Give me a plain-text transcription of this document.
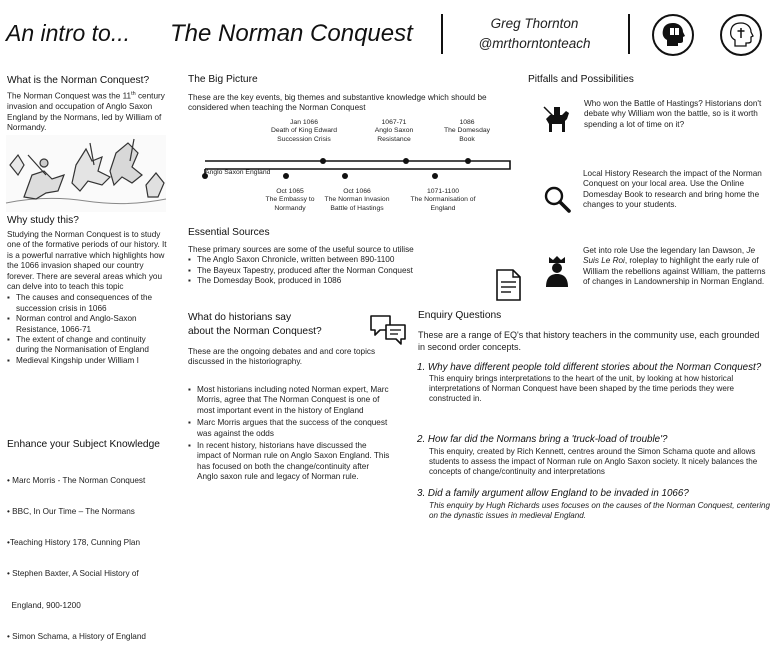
An intro to... The Norman Conquest	Greg Thornton
@mrthorntonteach
What is the Norman Conquest?
The Norman Conquest was the 11th century invasion and occupation of Anglo Saxon England by the Normans, led by William of Normandy.
Why study this?
Studying the Norman Conquest is to study one of the formative periods of our history. It is a powerful narrative which highlights how the 1066 invasion shaped our country forever. There are several areas which you can delve into to teach this topic
▪ The causes and consequences of the succession crisis in 1066
▪ Norman control and Anglo-Saxon Resistance, 1066-71
▪ The extent of change and continuity during the Normanisation of England
▪ Medieval Kingship under William I
Enhance your Subject Knowledge

• Marc Morris - The Norman Conquest

• BBC, In Our Time – The Normans

•Teaching History 178, Cunning Plan

• Stephen Baxter, A Social History of

England, 900-1200

• Simon Schama, a History of England

The Big Picture
These are the key events, big themes and substantive knowledge which should be considered when teaching the Norman Conquest
Jan 1066
Death of King Edward Succession Crisis
1067-71
Anglo Saxon Resistance
1086
The Domesday Book
Anglo Saxon England
Oct 1065
The Embassy to Normandy
Oct 1066
The Norman Invasion Battle of Hastings
1071-1100
The Normanisation of England
Essential Sources
These primary sources are some of the useful source to utilise
▪ The Anglo Saxon Chronicle, written between 890-1100
▪ The Bayeux Tapestry, produced after the Norman Conquest
▪ The Domesday Book, produced in 1086
What do historians say
about the Norman Conquest?
These are the ongoing debates and and core topics discussed in the historiography.
▪ Most historians including noted Norman expert, Marc Morris, agree that The Norman Conquest is one of most important event in the history of England
▪ Marc Morris argues that the success of the conquest was against the odds
▪ In recent history, historians have discussed the impact of Norman rule on Anglo Saxon England. This has focused on both the change/continuity after Anglo saxon rule and legacy of Norman rule.
Pitfalls and Possibilities
Who won the Battle of Hastings? Historians don't debate why William won the battle, so is it worth spending a lot of time on it?
Local History Research the impact of the Norman Conquest on your local area. Use the Online Domesday Book to research and bring home the changes to your students.
Get into role Use the legendary Ian Dawson, Je Suis Le Roi, roleplay to highlight the early rule of William the rebellions against William, the patterns of changes in Landownership in Norman England.
Enquiry Questions
These are a range of EQ's that history teachers in the community use, each grounded in second order concepts.
1. Why have different people told different stories about the Norman Conquest?
This enquiry brings interpretations to the heart of the unit, by looking at how historical interpretations of Norman Conquest have been shaped by the time periods they were constructed in.
2. How far did the Normans bring a 'truck-load of trouble'?
This enquiry, created by Rich Kennett, centres around the Simon Schama quote and allows students to assess the impact of Norman rule on Anglo Saxon society. It nicely balances the concepts of change/continuity and interpretations
3. Did a family argument allow England to be invaded in 1066?
This enquiry by Hugh Richards uses focuses on the causes of the Norman Conquest, centering on the dynastic issues in medieval England.
